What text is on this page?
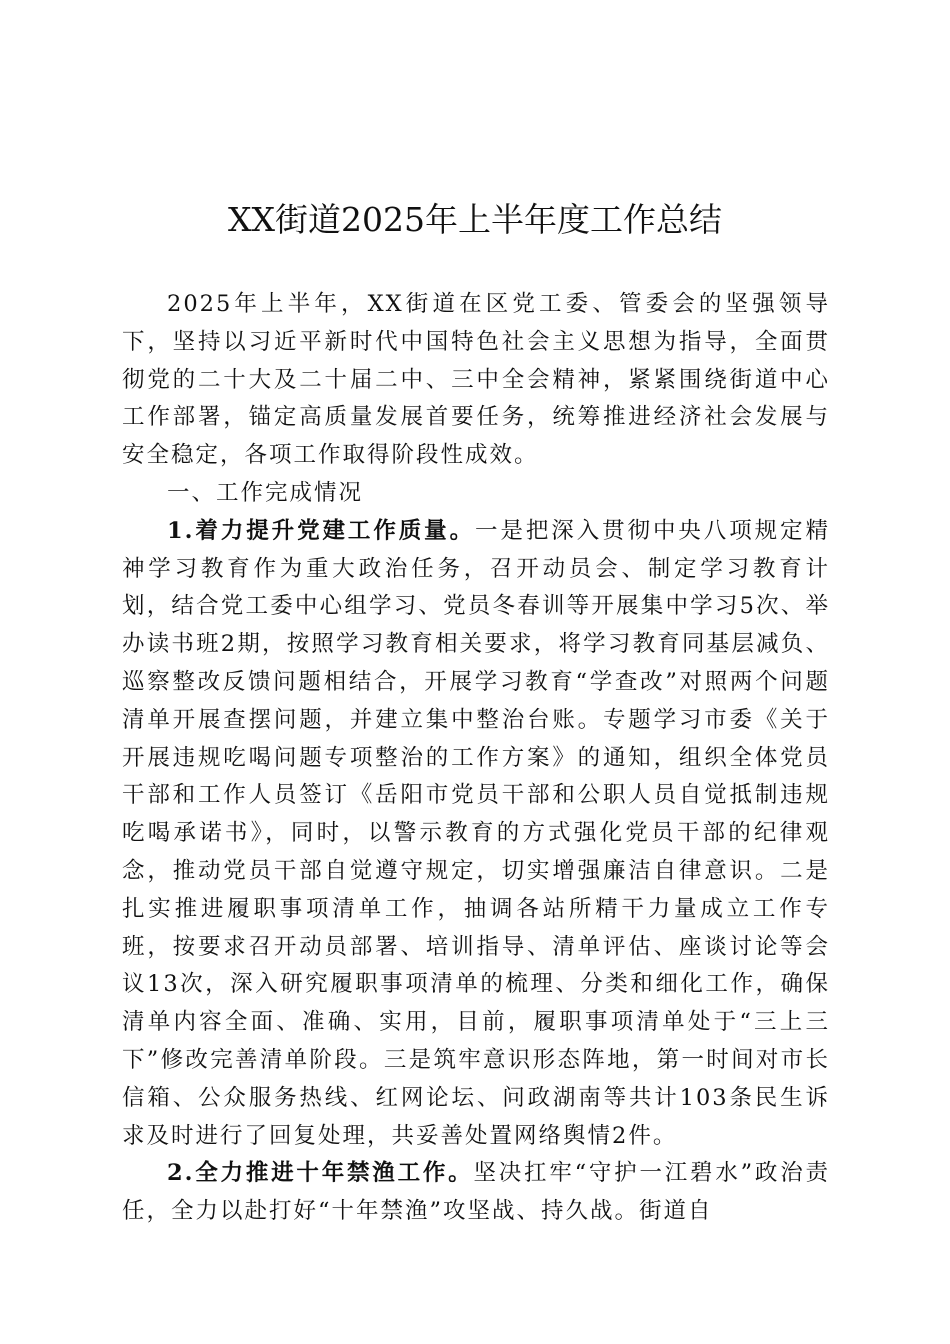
XX街道2025年上半年度工作总结

2025年上半年，XX街道在区党工委、管委会的坚强领导下，坚持以习近平新时代中国特色社会主义思想为指导，全面贯彻党的二十大及二十届二中、三中全会精神，紧紧围绕街道中心工作部署，锚定高质量发展首要任务，统筹推进经济社会发展与安全稳定，各项工作取得阶段性成效。

一、工作完成情况

1.着力提升党建工作质量。一是把深入贯彻中央八项规定精神学习教育作为重大政治任务，召开动员会、制定学习教育计划，结合党工委中心组学习、党员冬春训等开展集中学习5次、举办读书班2期，按照学习教育相关要求，将学习教育同基层减负、巡察整改反馈问题相结合，开展学习教育“学查改”对照两个问题清单开展查摆问题，并建立集中整治台账。专题学习市委《关于开展违规吃喝问题专项整治的工作方案》的通知，组织全体党员干部和工作人员签订《岳阳市党员干部和公职人员自觉抵制违规吃喝承诺书》，同时，以警示教育的方式强化党员干部的纪律观念，推动党员干部自觉遵守规定，切实增强廉洁自律意识。二是扎实推进履职事项清单工作，抽调各站所精干力量成立工作专班，按要求召开动员部署、培训指导、清单评估、座谈讨论等会议13次，深入研究履职事项清单的梳理、分类和细化工作，确保清单内容全面、准确、实用，目前，履职事项清单处于“三上三下”修改完善清单阶段。三是筑牢意识形态阵地，第一时间对市长信箱、公众服务热线、红网论坛、问政湖南等共计103条民生诉求及时进行了回复处理，共妥善处置网络舆情2件。

2.全力推进十年禁渔工作。坚决扛牢“守护一江碧水”政治责任，全力以赴打好“十年禁渔”攻坚战、持久战。街道自
